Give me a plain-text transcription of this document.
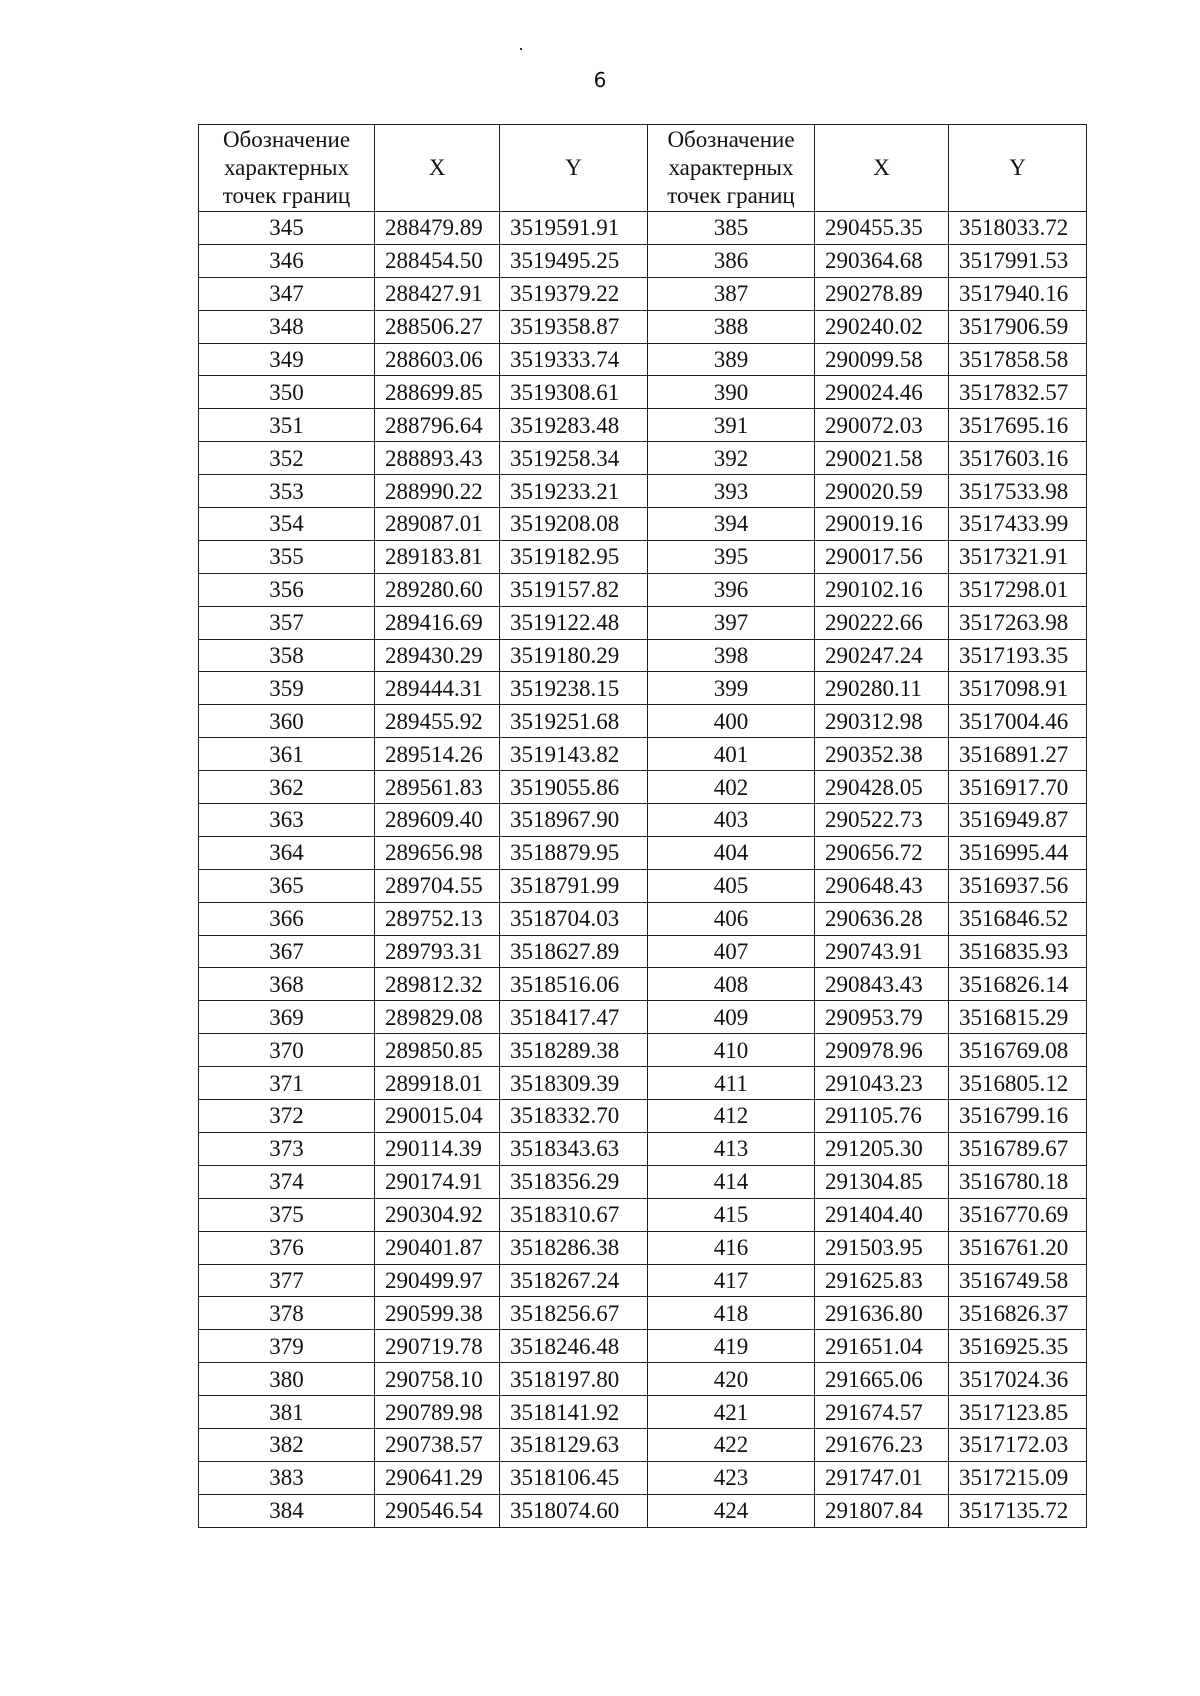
6
Обозначение характерных точек границ	X	Y	Обозначение характерных точек границ	X	Y
345	288479.89	3519591.91	385	290455.35	3518033.72
346	288454.50	3519495.25	386	290364.68	3517991.53
347	288427.91	3519379.22	387	290278.89	3517940.16
348	288506.27	3519358.87	388	290240.02	3517906.59
349	288603.06	3519333.74	389	290099.58	3517858.58
350	288699.85	3519308.61	390	290024.46	3517832.57
351	288796.64	3519283.48	391	290072.03	3517695.16
352	288893.43	3519258.34	392	290021.58	3517603.16
353	288990.22	3519233.21	393	290020.59	3517533.98
354	289087.01	3519208.08	394	290019.16	3517433.99
355	289183.81	3519182.95	395	290017.56	3517321.91
356	289280.60	3519157.82	396	290102.16	3517298.01
357	289416.69	3519122.48	397	290222.66	3517263.98
358	289430.29	3519180.29	398	290247.24	3517193.35
359	289444.31	3519238.15	399	290280.11	3517098.91
360	289455.92	3519251.68	400	290312.98	3517004.46
361	289514.26	3519143.82	401	290352.38	3516891.27
362	289561.83	3519055.86	402	290428.05	3516917.70
363	289609.40	3518967.90	403	290522.73	3516949.87
364	289656.98	3518879.95	404	290656.72	3516995.44
365	289704.55	3518791.99	405	290648.43	3516937.56
366	289752.13	3518704.03	406	290636.28	3516846.52
367	289793.31	3518627.89	407	290743.91	3516835.93
368	289812.32	3518516.06	408	290843.43	3516826.14
369	289829.08	3518417.47	409	290953.79	3516815.29
370	289850.85	3518289.38	410	290978.96	3516769.08
371	289918.01	3518309.39	411	291043.23	3516805.12
372	290015.04	3518332.70	412	291105.76	3516799.16
373	290114.39	3518343.63	413	291205.30	3516789.67
374	290174.91	3518356.29	414	291304.85	3516780.18
375	290304.92	3518310.67	415	291404.40	3516770.69
376	290401.87	3518286.38	416	291503.95	3516761.20
377	290499.97	3518267.24	417	291625.83	3516749.58
378	290599.38	3518256.67	418	291636.80	3516826.37
379	290719.78	3518246.48	419	291651.04	3516925.35
380	290758.10	3518197.80	420	291665.06	3517024.36
381	290789.98	3518141.92	421	291674.57	3517123.85
382	290738.57	3518129.63	422	291676.23	3517172.03
383	290641.29	3518106.45	423	291747.01	3517215.09
384	290546.54	3518074.60	424	291807.84	3517135.72
